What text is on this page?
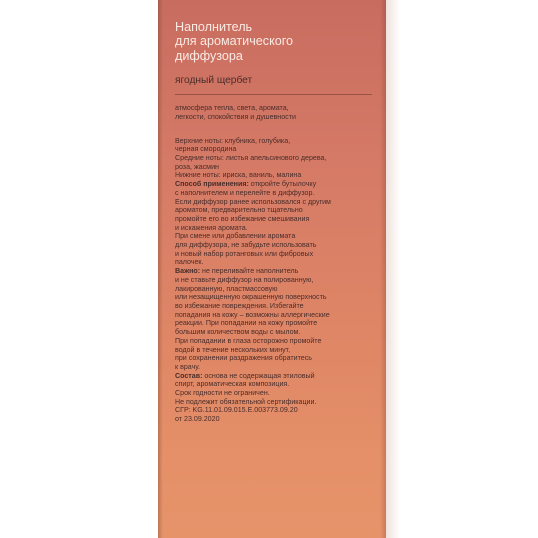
Наполнитель
для ароматического
диффузора
ягодный щербет
атмосфера тепла, света, аромата,
легкости, спокойствия и душевности
Верхние ноты: клубника, голубика,
черная смородина
Средние ноты: листья апельсинового дерева,
роза, жасмин
Нижние ноты: ириска, ваниль, малина

Способ применения: откройте бутылочку
с наполнителем и перелейте в диффузор.
Если диффузор ранее использовался с другим
ароматом, предварительно тщательно
промойте его во избежание смешивания
и искажения аромата.

При смене или добавлении аромата
для диффузора, не забудьте использовать
и новый набор ротанговых или фибровых
палочек.

Важно: не переливайте наполнитель
и не ставьте диффузор на полированную,
лакированную, пластмассовую
или незащищенную окрашенную поверхность
во избежание повреждения. Избегайте
попадания на кожу – возможны аллергические
реакции. При попадании на кожу промойте
большим количеством воды с мылом.
При попадании в глаза осторожно промойте
водой в течение нескольких минут,
при сохранении раздражения обратитесь
к врачу.

Состав: основа не содержащая этиловый
спирт, ароматическая композиция.
Срок годности не ограничен.
Не подлежит обязательной сертификации.
СГР: KG.11.01.09.015.Е.003773.09.20
от 23.09.2020
